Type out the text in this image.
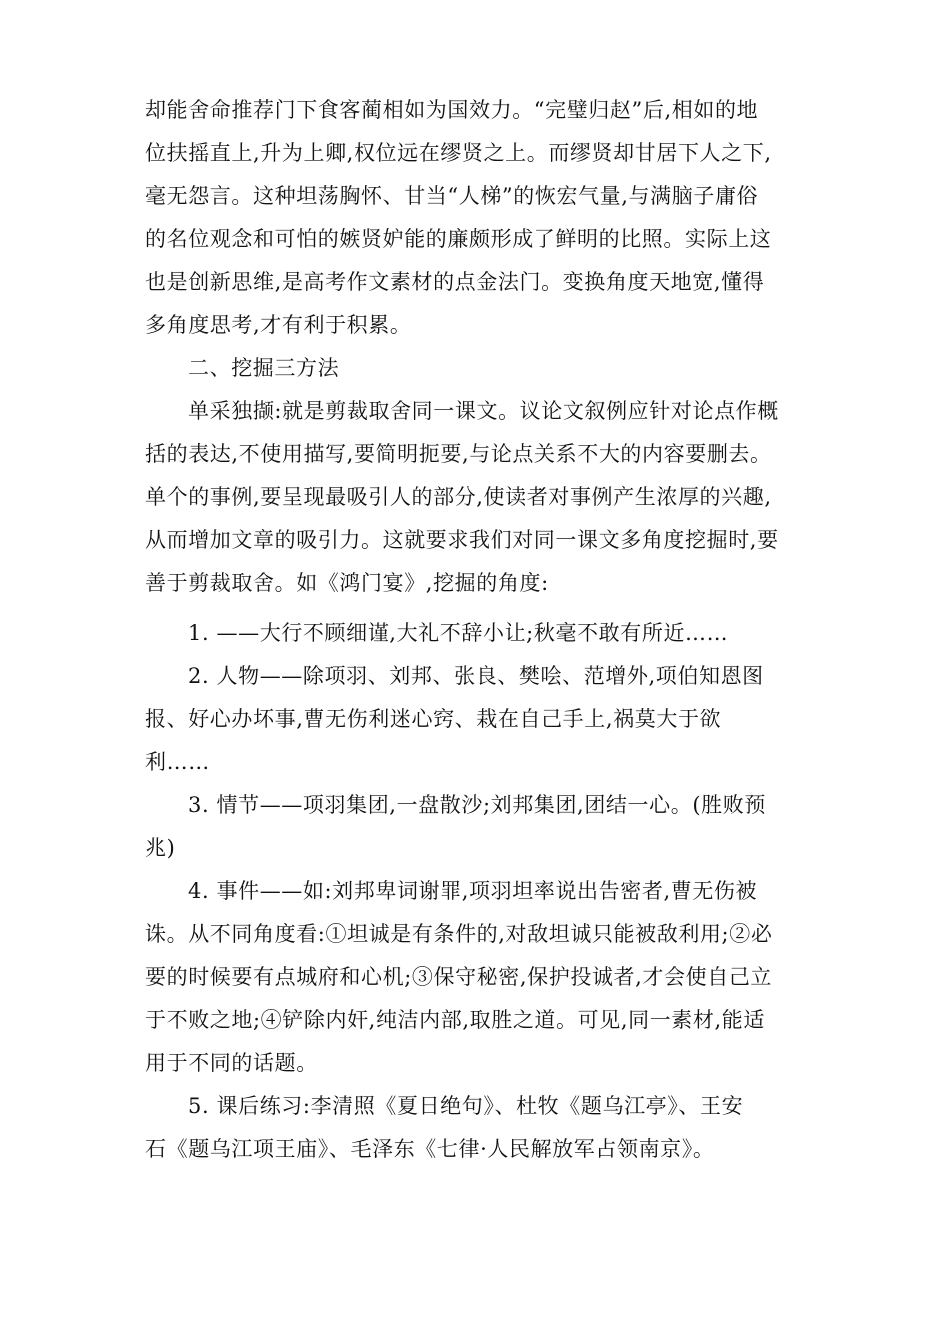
却能舍命推荐门下食客蔺相如为国效力。“完璧归赵”后,相如的地
位扶摇直上,升为上卿,权位远在缪贤之上。而缪贤却甘居下人之下,
毫无怨言。这种坦荡胸怀、甘当“人梯”的恢宏气量,与满脑子庸俗
的名位观念和可怕的嫉贤妒能的廉颇形成了鲜明的比照。实际上这
也是创新思维,是高考作文素材的点金法门。变换角度天地宽,懂得
多角度思考,才有利于积累。
二、挖掘三方法
单采独撷:就是剪裁取舍同一课文。议论文叙例应针对论点作概
括的表达,不使用描写,要简明扼要,与论点关系不大的内容要删去。
单个的事例,要呈现最吸引人的部分,使读者对事例产生浓厚的兴趣,
从而增加文章的吸引力。这就要求我们对同一课文多角度挖掘时,要
善于剪裁取舍。如《鸿门宴》,挖掘的角度:
1. ——大行不顾细谨,大礼不辞小让;秋毫不敢有所近……
2. 人物——除项羽、刘邦、张良、樊哙、范增外,项伯知恩图
报、好心办坏事,曹无伤利迷心窍、栽在自己手上,祸莫大于欲
利……
3. 情节——项羽集团,一盘散沙;刘邦集团,团结一心。(胜败预
兆)
4. 事件——如:刘邦卑词谢罪,项羽坦率说出告密者,曹无伤被
诛。从不同角度看:①坦诚是有条件的,对敌坦诚只能被敌利用;②必
要的时候要有点城府和心机;③保守秘密,保护投诚者,才会使自己立
于不败之地;④铲除内奸,纯洁内部,取胜之道。可见,同一素材,能适
用于不同的话题。
5. 课后练习:李清照《夏日绝句》、杜牧《题乌江亭》、王安
石《题乌江项王庙》、毛泽东《七律·人民解放军占领南京》。
